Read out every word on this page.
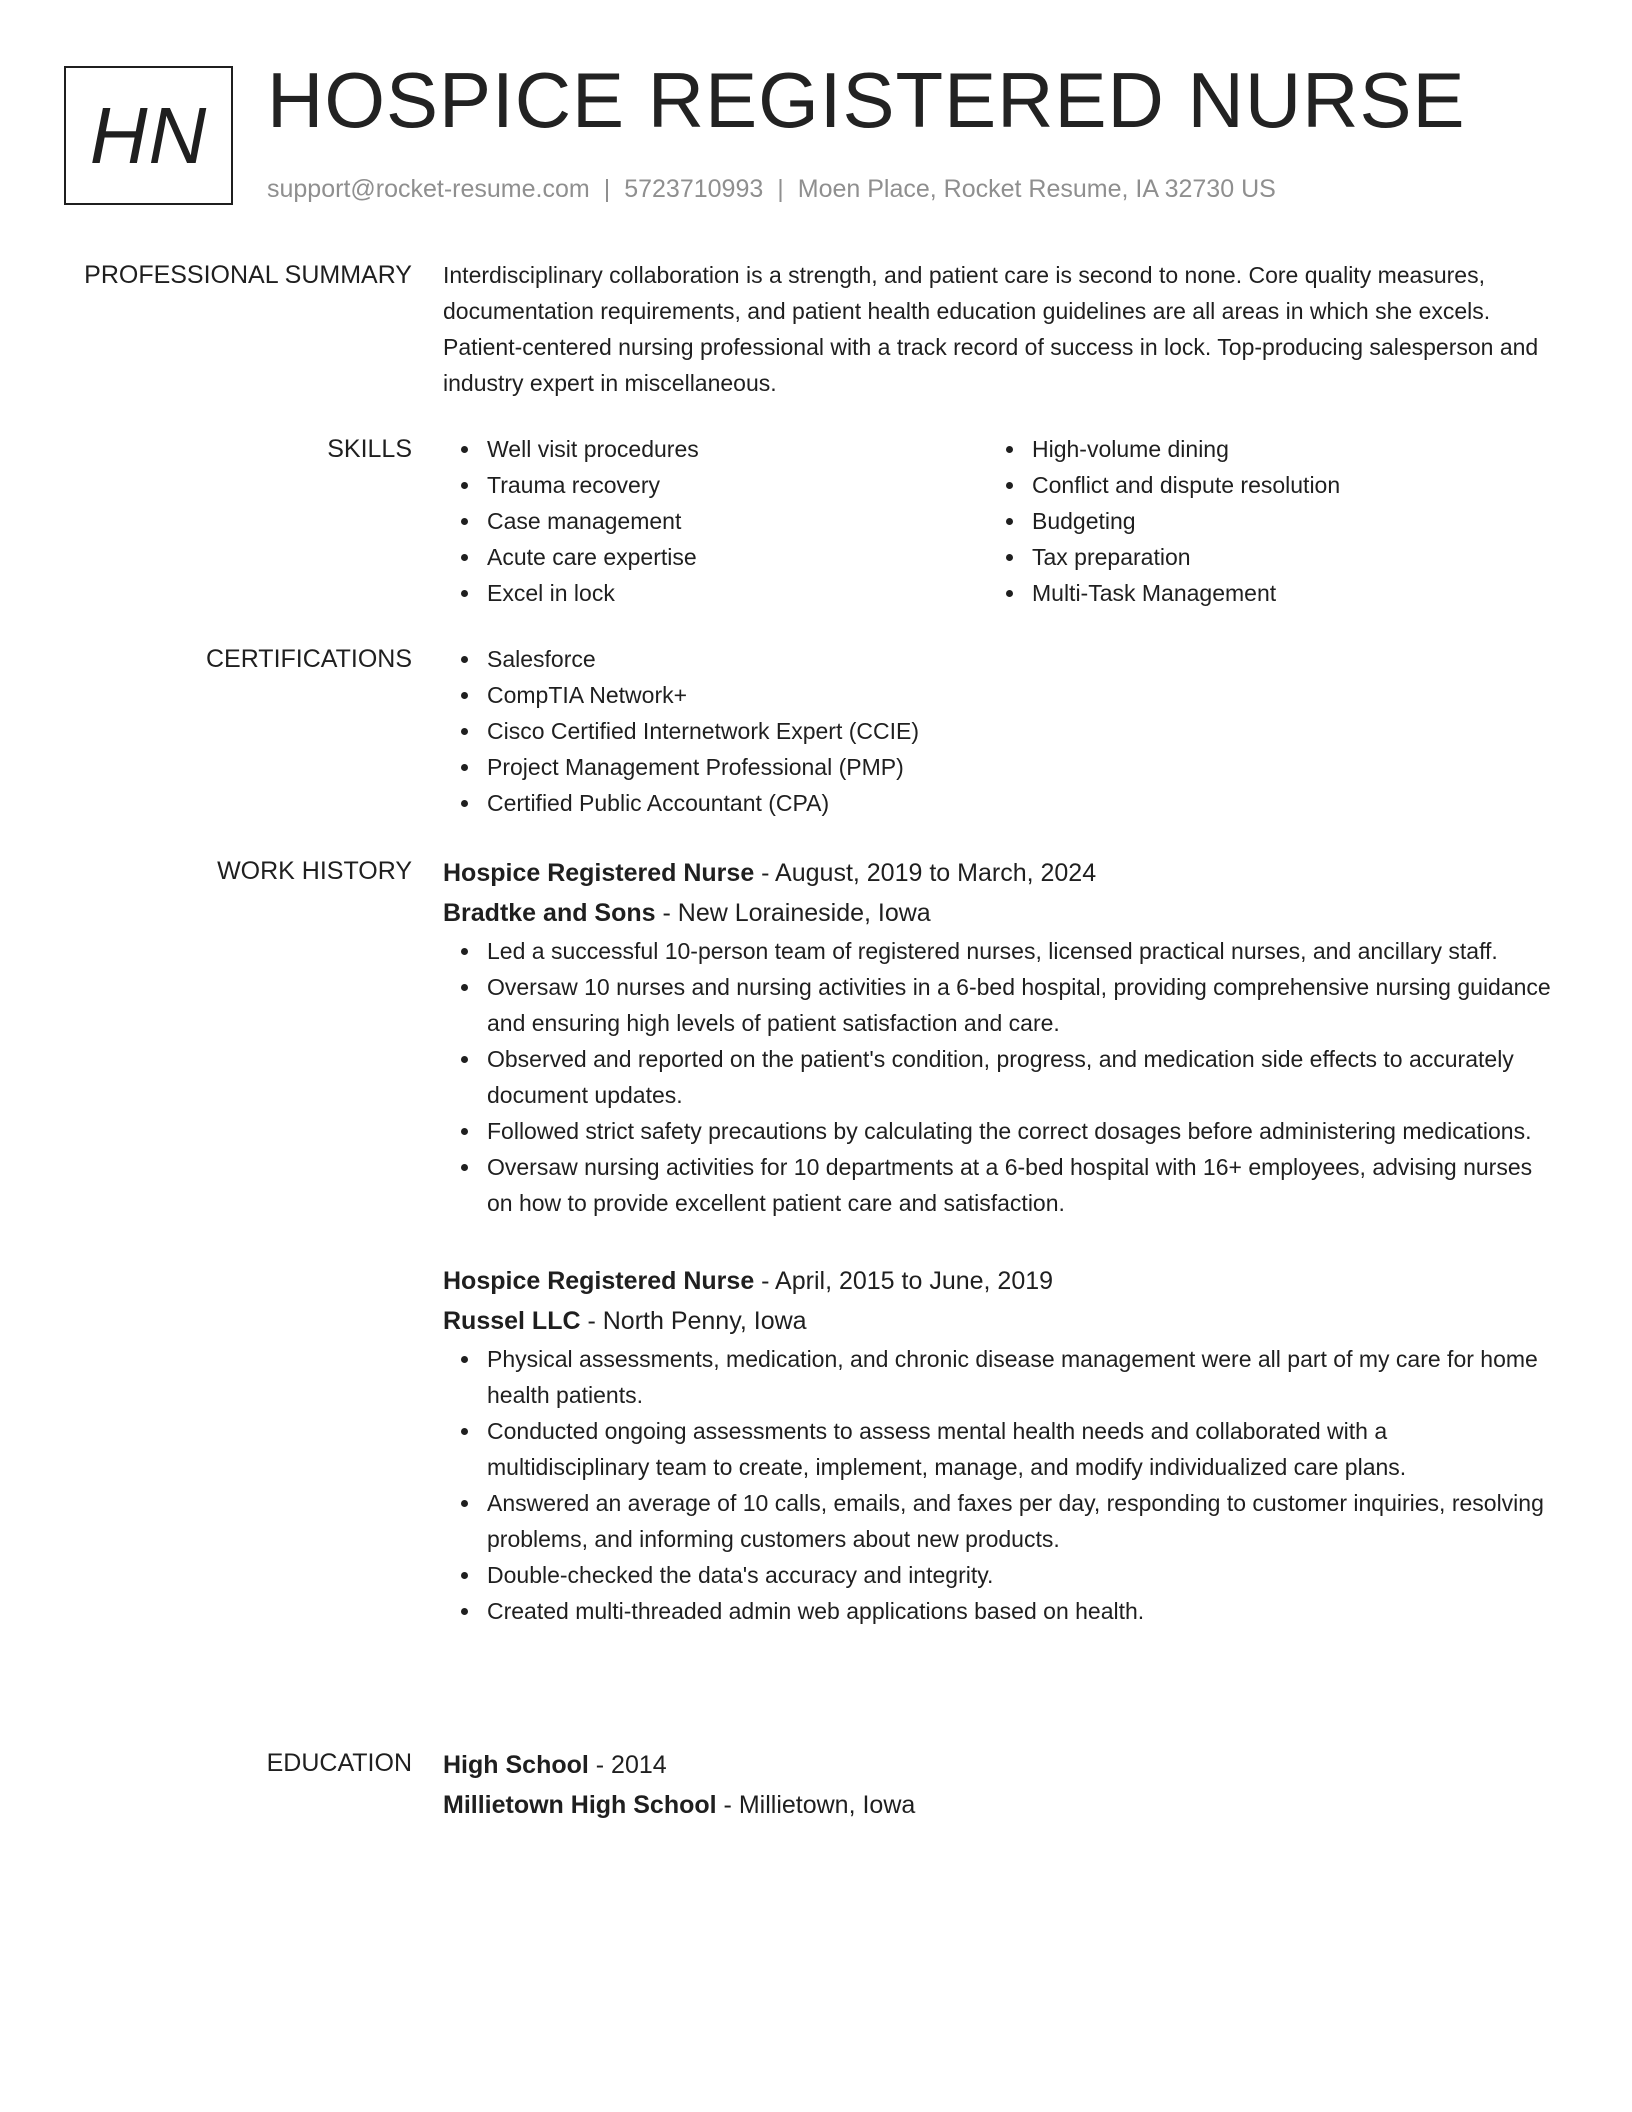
HN HOSPICE REGISTERED NURSE
support@rocket-resume.com | 5723710993 | Moen Place, Rocket Resume, IA 32730 US
PROFESSIONAL SUMMARY Interdisciplinary collaboration is a strength, and patient care is second to none. Core quality measures, documentation requirements, and patient health education guidelines are all areas in which she excels. Patient-centered nursing professional with a track record of success in lock. Top-producing salesperson and industry expert in miscellaneous.

SKILLS	Well visit procedures
Trauma recovery
Case management
Acute care expertise
Excel in lock
High-volume dining
Conflict and dispute resolution
Budgeting
Tax preparation
Multi-Task Management
CERTIFICATIONS	Salesforce
CompTIA Network+
Cisco Certified Internetwork Expert (CCIE)
Project Management Professional (PMP)
Certified Public Accountant (CPA)
WORK HISTORY Hospice Registered Nurse - August, 2019 to March, 2024
Bradtke and Sons - New Loraineside, Iowa
Led a successful 10-person team of registered nurses, licensed practical nurses, and ancillary staff.
Oversaw 10 nurses and nursing activities in a 6-bed hospital, providing comprehensive nursing guidance and ensuring high levels of patient satisfaction and care.
Observed and reported on the patient's condition, progress, and medication side effects to accurately document updates.
Followed strict safety precautions by calculating the correct dosages before administering medications.
Oversaw nursing activities for 10 departments at a 6-bed hospital with 16+ employees, advising nurses on how to provide excellent patient care and satisfaction.
Hospice Registered Nurse - April, 2015 to June, 2019
Russel LLC - North Penny, Iowa
Physical assessments, medication, and chronic disease management were all part of my care for home health patients.
Conducted ongoing assessments to assess mental health needs and collaborated with a multidisciplinary team to create, implement, manage, and modify individualized care plans.
Answered an average of 10 calls, emails, and faxes per day, responding to customer inquiries, resolving problems, and informing customers about new products.
Double-checked the data's accuracy and integrity.
Created multi-threaded admin web applications based on health.
EDUCATION High School - 2014
Millietown High School - Millietown, Iowa
